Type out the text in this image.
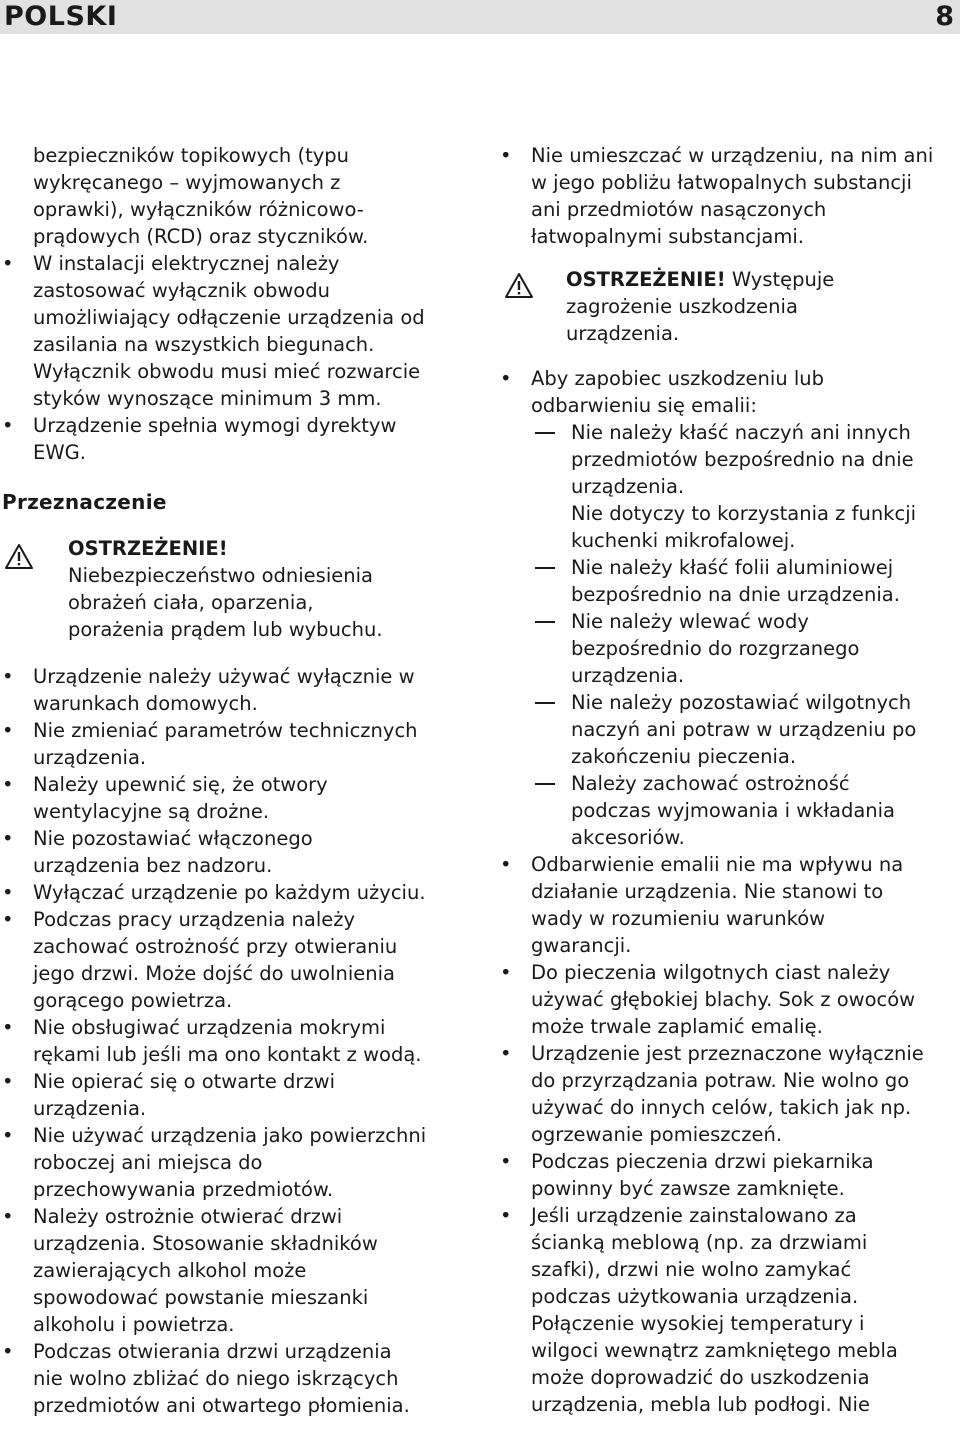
POLSKI	8
bezpieczników topikowych (typu
wykręcanego – wyjmowanych z
oprawki), wyłączników różnicowo-
prądowych (RCD) oraz styczników.
• W instalacji elektrycznej należy
zastosować wyłącznik obwodu
umożliwiający odłączenie urządzenia od
zasilania na wszystkich biegunach.
Wyłącznik obwodu musi mieć rozwarcie
styków wynoszące minimum 3 mm.
• Urządzenie spełnia wymogi dyrektyw
EWG.
Przeznaczenie
OSTRZEŻENIE!
Niebezpieczeństwo odniesienia
obrażeń ciała, oparzenia,
porażenia prądem lub wybuchu.
• Urządzenie należy używać wyłącznie w
warunkach domowych.
• Nie zmieniać parametrów technicznych
urządzenia.
• Należy upewnić się, że otwory
wentylacyjne są drożne.
• Nie pozostawiać włączonego
urządzenia bez nadzoru.
• Wyłączać urządzenie po każdym użyciu.
• Podczas pracy urządzenia należy
zachować ostrożność przy otwieraniu
jego drzwi. Może dojść do uwolnienia
gorącego powietrza.
• Nie obsługiwać urządzenia mokrymi
rękami lub jeśli ma ono kontakt z wodą.
• Nie opierać się o otwarte drzwi
urządzenia.
• Nie używać urządzenia jako powierzchni
roboczej ani miejsca do
przechowywania przedmiotów.
• Należy ostrożnie otwierać drzwi
urządzenia. Stosowanie składników
zawierających alkohol może
spowodować powstanie mieszanki
alkoholu i powietrza.
• Podczas otwierania drzwi urządzenia
nie wolno zbliżać do niego iskrzących
przedmiotów ani otwartego płomienia.
• Nie umieszczać w urządzeniu, na nim ani
w jego pobliżu łatwopalnych substancji
ani przedmiotów nasączonych
łatwopalnymi substancjami.
OSTRZEŻENIE! Występuje
zagrożenie uszkodzenia
urządzenia.
• Aby zapobiec uszkodzeniu lub
odbarwieniu się emalii:
Nie należy kłaść naczyń ani innych
przedmiotów bezpośrednio na dnie
urządzenia.
Nie dotyczy to korzystania z funkcji
kuchenki mikrofalowej.
Nie należy kłaść folii aluminiowej
bezpośrednio na dnie urządzenia.
Nie należy wlewać wody
bezpośrednio do rozgrzanego
urządzenia.
Nie należy pozostawiać wilgotnych
naczyń ani potraw w urządzeniu po
zakończeniu pieczenia.
Należy zachować ostrożność
podczas wyjmowania i wkładania
akcesoriów.
• Odbarwienie emalii nie ma wpływu na
działanie urządzenia. Nie stanowi to
wady w rozumieniu warunków
gwarancji.
• Do pieczenia wilgotnych ciast należy
używać głębokiej blachy. Sok z owoców
może trwale zaplamić emalię.
• Urządzenie jest przeznaczone wyłącznie
do przyrządzania potraw. Nie wolno go
używać do innych celów, takich jak np.
ogrzewanie pomieszczeń.
• Podczas pieczenia drzwi piekarnika
powinny być zawsze zamknięte.
• Jeśli urządzenie zainstalowano za
ścianką meblową (np. za drzwiami
szafki), drzwi nie wolno zamykać
podczas użytkowania urządzenia.
Połączenie wysokiej temperatury i
wilgoci wewnątrz zamkniętego mebla
może doprowadzić do uszkodzenia
urządzenia, mebla lub podłogi. Nie
